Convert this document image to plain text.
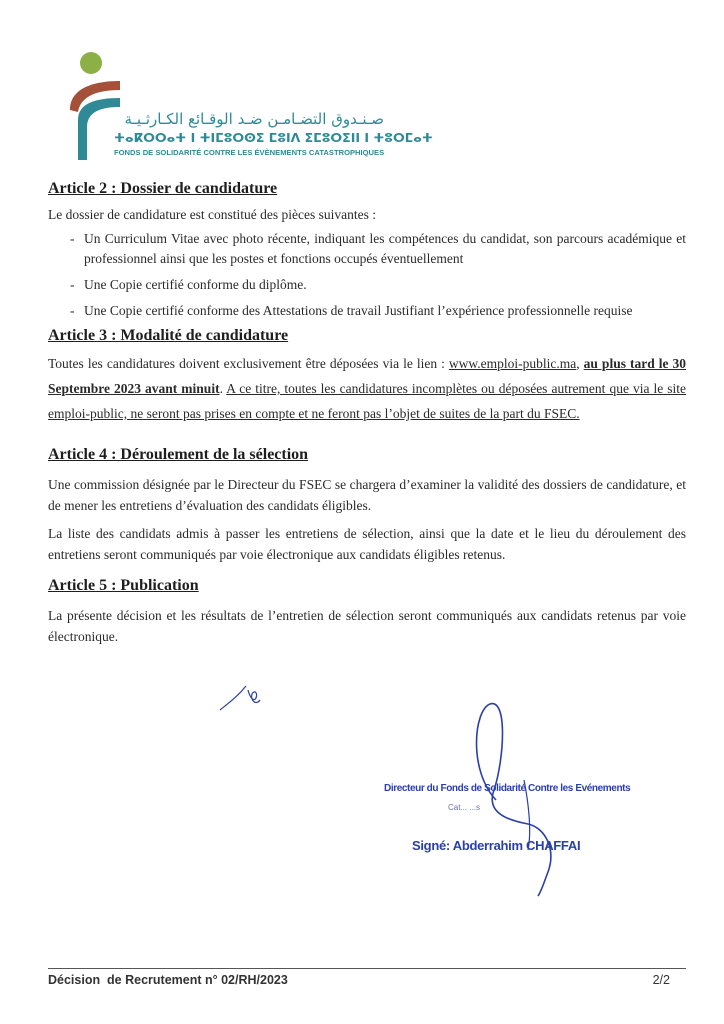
صـنـدوق التضـامـن ضـد الوقـائع الكـارثـيـة
ⵜⴰⴽⵔⵔⴰⵜ ⵏ ⵜⵏⵎⵓⵔⵙⵉ ⵎⵓⵏⴷ ⵉⵎⵓⵔⵉⵏⵏ ⵏ ⵜⵓⵔⵎⴰⵜ
FONDS DE SOLIDARITÉ CONTRE LES ÉVÈNEMENTS CATASTROPHIQUES
Article 2 : Dossier de candidature

Le dossier de candidature est constitué des pièces suivantes :

- Un Curriculum Vitae avec photo récente, indiquant les compétences du candidat, son parcours académique et professionnel ainsi que les postes et fonctions occupés éventuellement
- Une Copie certifié conforme du diplôme.
- Une Copie certifié conforme des Attestations de travail Justifiant l’expérience professionnelle requise
Article 3 : Modalité de candidature

Toutes les candidatures doivent exclusivement être déposées via le lien : www.emploi-public.ma, au plus tard le 30 Septembre 2023 avant minuit. A ce titre, toutes les candidatures incomplètes ou déposées autrement que via le site emploi-public, ne seront pas prises en compte et ne feront pas l’objet de suites de la part du FSEC.

Article 4 : Déroulement de la sélection

Une commission désignée par le Directeur du FSEC se chargera d’examiner la validité des dossiers de candidature, et de mener les entretiens d’évaluation des candidats éligibles.

La liste des candidats admis à passer les entretiens de sélection, ainsi que la date et le lieu du déroulement des entretiens seront communiqués par voie électronique aux candidats éligibles retenus.

Article 5 : Publication

La présente décision et les résultats de l’entretien de sélection seront communiqués aux candidats retenus par voie électronique.

Directeur du Fonds de Solidarité Contre les Evénements
Cat... ...s
Signé: Abderrahim CHAFFAI
Décision  de Recrutement n° 02/RH/2023	2/2
